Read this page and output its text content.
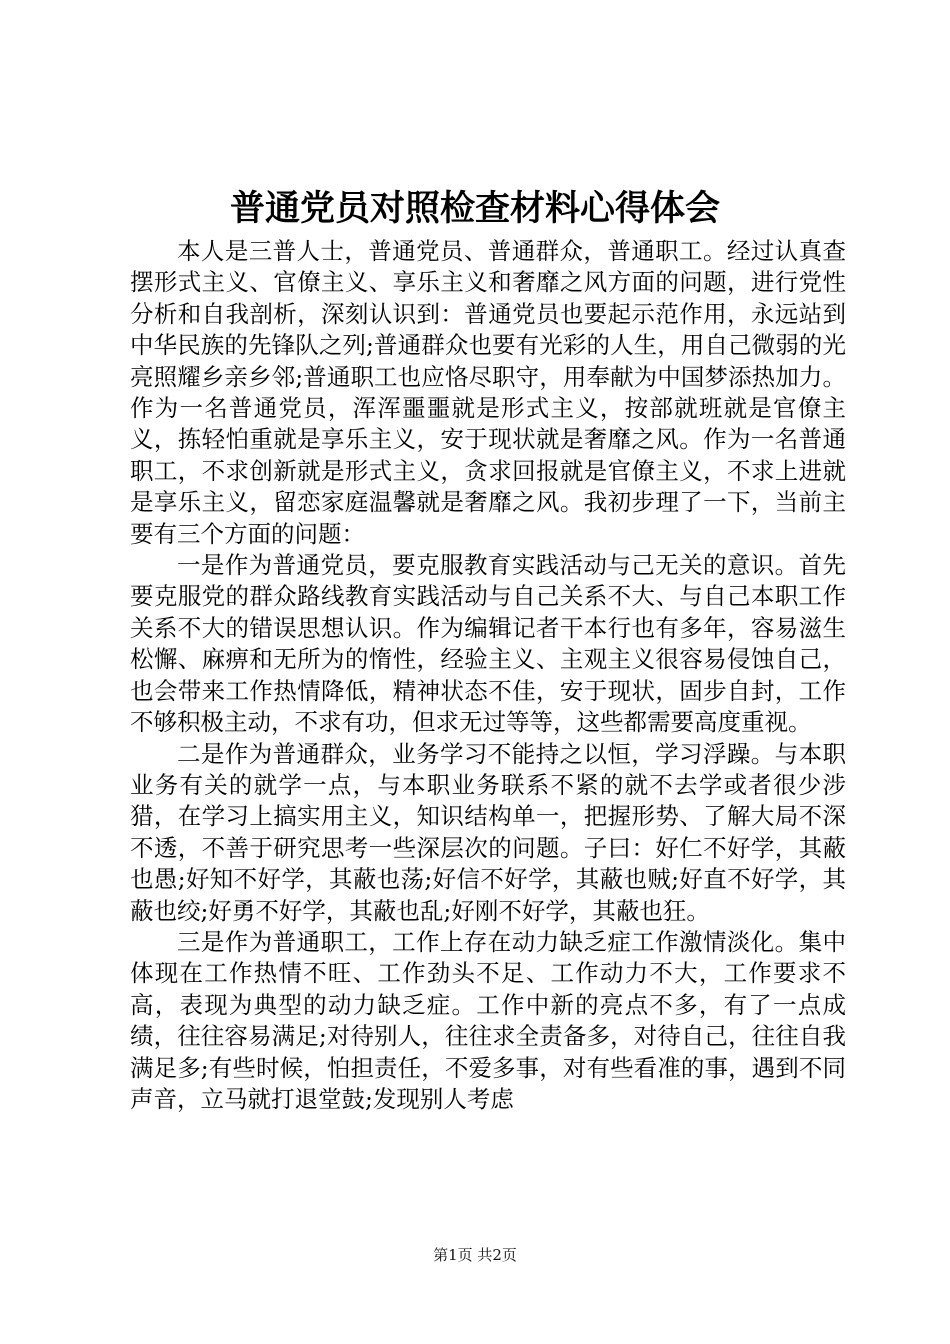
普通党员对照检查材料心得体会

本人是三普人士，普通党员、普通群众，普通职工。经过认真查摆形式主义、官僚主义、享乐主义和奢靡之风方面的问题，进行党性分析和自我剖析，深刻认识到：普通党员也要起示范作用，永远站到中华民族的先锋队之列;普通群众也要有光彩的人生，用自己微弱的光亮照耀乡亲乡邻;普通职工也应恪尽职守，用奉献为中国梦添热加力。作为一名普通党员，浑浑噩噩就是形式主义，按部就班就是官僚主义，拣轻怕重就是享乐主义，安于现状就是奢靡之风。作为一名普通职工，不求创新就是形式主义，贪求回报就是官僚主义，不求上进就是享乐主义，留恋家庭温馨就是奢靡之风。我初步理了一下，当前主要有三个方面的问题：

一是作为普通党员，要克服教育实践活动与己无关的意识。首先要克服党的群众路线教育实践活动与自己关系不大、与自己本职工作关系不大的错误思想认识。作为编辑记者干本行也有多年，容易滋生松懈、麻痹和无所为的惰性，经验主义、主观主义很容易侵蚀自己，也会带来工作热情降低，精神状态不佳，安于现状，固步自封，工作不够积极主动，不求有功，但求无过等等，这些都需要高度重视。

二是作为普通群众，业务学习不能持之以恒，学习浮躁。与本职业务有关的就学一点，与本职业务联系不紧的就不去学或者很少涉猎，在学习上搞实用主义，知识结构单一，把握形势、了解大局不深不透，不善于研究思考一些深层次的问题。子曰：好仁不好学，其蔽也愚;好知不好学，其蔽也荡;好信不好学，其蔽也贼;好直不好学，其蔽也绞;好勇不好学，其蔽也乱;好刚不好学，其蔽也狂。

三是作为普通职工，工作上存在动力缺乏症工作激情淡化。集中体现在工作热情不旺、工作劲头不足、工作动力不大，工作要求不高，表现为典型的动力缺乏症。工作中新的亮点不多，有了一点成绩，往往容易满足;对待别人，往往求全责备多，对待自己，往往自我满足多;有些时候，怕担责任，不爱多事，对有些看准的事，遇到不同声音，立马就打退堂鼓;发现别人考虑

第1页 共2页
